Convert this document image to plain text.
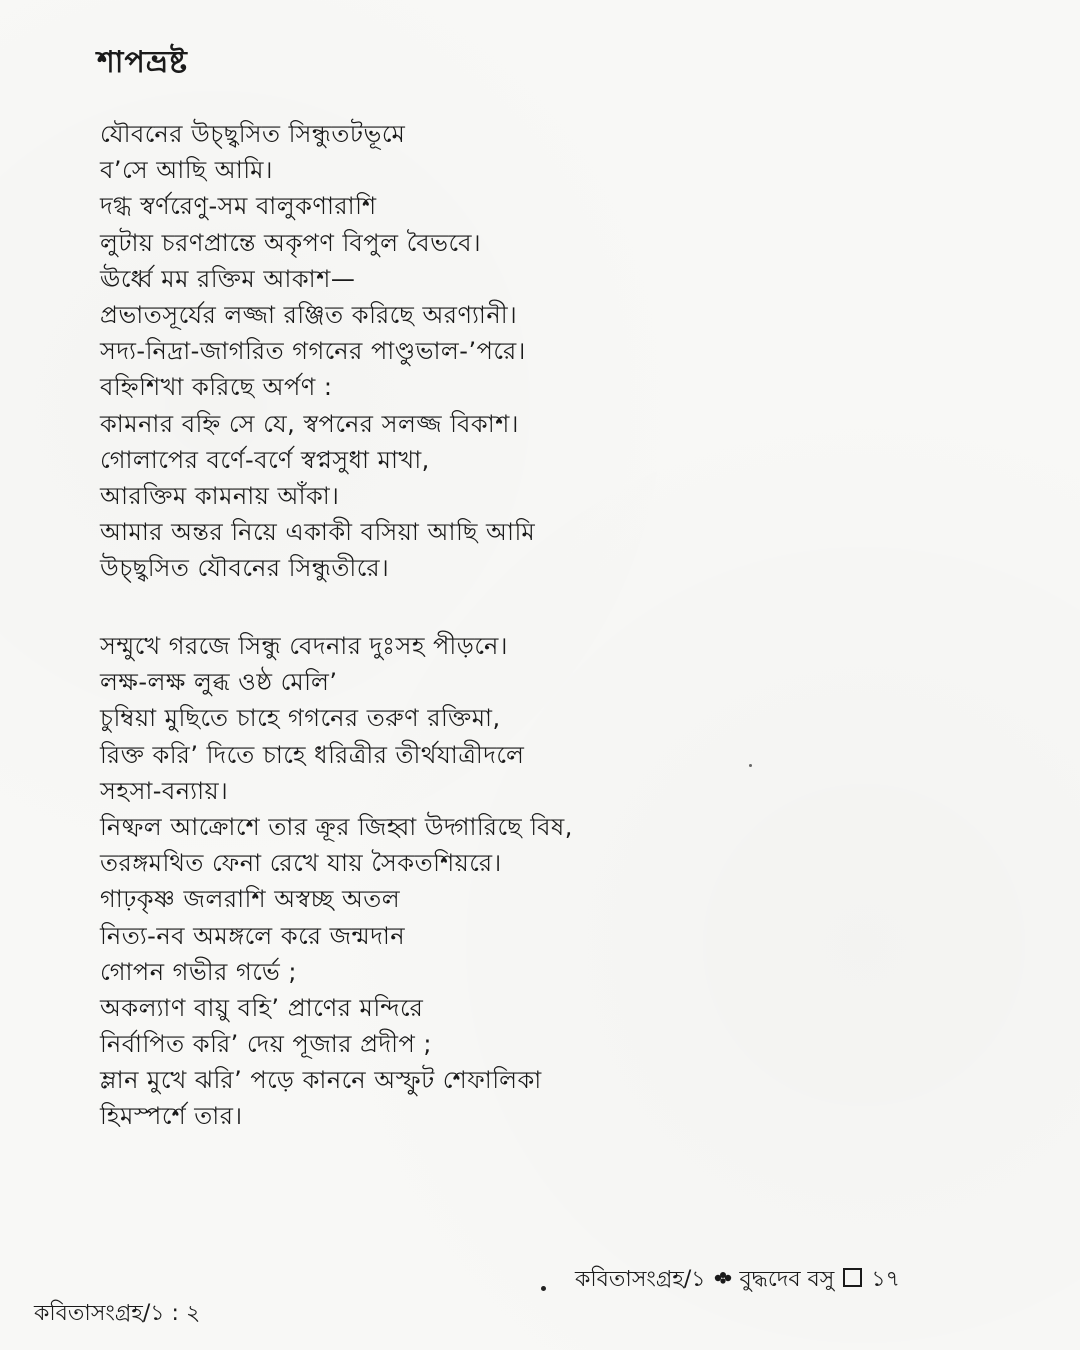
শাপভ্রষ্ট
যৌবনের উচ্ছ্বসিত সিন্ধুতটভূমে
ব’সে আছি আমি।
দগ্ধ স্বর্ণরেণু-সম বালুকণারাশি
লুটায় চরণপ্রান্তে অকৃপণ বিপুল বৈভবে।
ঊর্ধ্বে মম রক্তিম আকাশ—
প্রভাতসূর্যের লজ্জা রঞ্জিত করিছে অরণ্যানী।
সদ্য-নিদ্রা-জাগরিত গগনের পাণ্ডুভাল-’পরে।
বহ্নিশিখা করিছে অর্পণ :
কামনার বহ্নি সে যে, স্বপনের সলজ্জ বিকাশ।
গোলাপের বর্ণে-বর্ণে স্বপ্নসুধা মাখা,
আরক্তিম কামনায় আঁকা।
আমার অন্তর নিয়ে একাকী বসিয়া আছি আমি
উচ্ছ্বসিত যৌবনের সিন্ধুতীরে।
সম্মুখে গরজে সিন্ধু বেদনার দুঃসহ পীড়নে।
লক্ষ-লক্ষ লুব্ধ ওষ্ঠ মেলি’
চুম্বিয়া মুছিতে চাহে গগনের তরুণ রক্তিমা,
রিক্ত করি’ দিতে চাহে ধরিত্রীর তীর্থযাত্রীদলে
সহসা-বন্যায়।
নিষ্ফল আক্রোশে তার ক্রূর জিহ্বা উদ্গারিছে বিষ,
তরঙ্গমথিত ফেনা রেখে যায় সৈকতশিয়রে।
গাঢ়কৃষ্ণ জলরাশি অস্বচ্ছ অতল
নিত্য-নব অমঙ্গলে করে জন্মদান
গোপন গভীর গর্ভে ;
অকল্যাণ বায়ু বহি’ প্রাণের মন্দিরে
নির্বাপিত করি’ দেয় পূজার প্রদীপ ;
ম্লান মুখে ঝরি’ পড়ে কাননে অস্ফুট শেফালিকা
হিমস্পর্শে তার।
কবিতাসংগ্রহ/১ বুদ্ধদেব বসু ১৭
কবিতাসংগ্রহ/১ : ২
